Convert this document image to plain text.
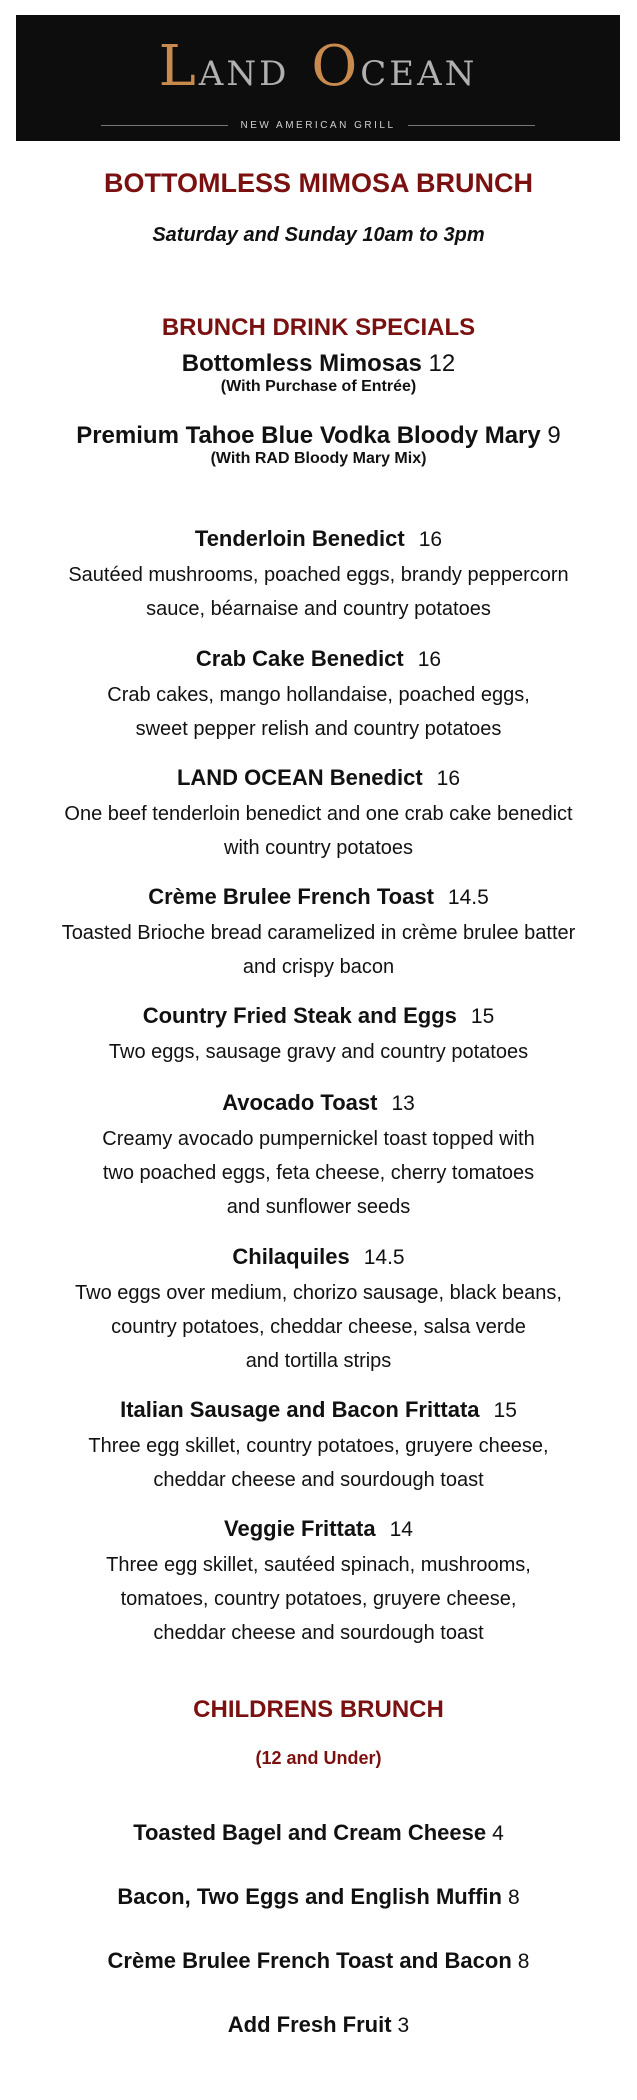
LAND OCEAN
NEW AMERICAN GRILL
BOTTOMLESS MIMOSA BRUNCH
Saturday and Sunday 10am to 3pm
BRUNCH DRINK SPECIALS
Bottomless Mimosas 12
(With Purchase of Entrée)
Premium Tahoe Blue Vodka Bloody Mary 9
(With RAD Bloody Mary Mix)
Tenderloin Benedict 16
Sautéed mushrooms, poached eggs, brandy peppercorn
sauce, béarnaise and country potatoes
Crab Cake Benedict 16
Crab cakes, mango hollandaise, poached eggs,
sweet pepper relish and country potatoes
LAND OCEAN Benedict 16
One beef tenderloin benedict and one crab cake benedict
with country potatoes
Crème Brulee French Toast 14.5
Toasted Brioche bread caramelized in crème brulee batter
and crispy bacon
Country Fried Steak and Eggs 15
Two eggs, sausage gravy and country potatoes
Avocado Toast 13
Creamy avocado pumpernickel toast topped with
two poached eggs, feta cheese, cherry tomatoes
and sunflower seeds
Chilaquiles 14.5
Two eggs over medium, chorizo sausage, black beans,
country potatoes, cheddar cheese, salsa verde
and tortilla strips
Italian Sausage and Bacon Frittata 15
Three egg skillet, country potatoes, gruyere cheese,
cheddar cheese and sourdough toast
Veggie Frittata 14
Three egg skillet, sautéed spinach, mushrooms,
tomatoes, country potatoes, gruyere cheese,
cheddar cheese and sourdough toast
CHILDRENS BRUNCH
(12 and Under)
Toasted Bagel and Cream Cheese 4
Bacon, Two Eggs and English Muffin 8
Crème Brulee French Toast and Bacon 8
Add Fresh Fruit 3
